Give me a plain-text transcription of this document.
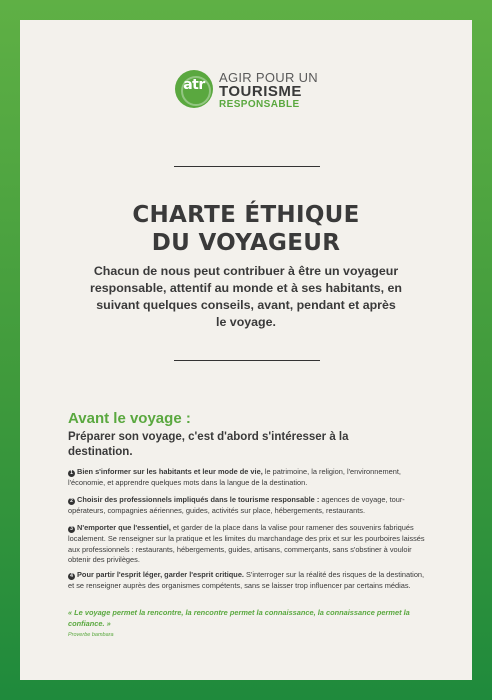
atr	AGIR POUR UN
TOURISME
RESPONSABLE
CHARTE ÉTHIQUE
DU VOYAGEUR
Chacun de nous peut contribuer à être un voyageur responsable, attentif au monde et à ses habitants, en suivant quelques conseils, avant, pendant et après le voyage.
Avant le voyage :
Préparer son voyage, c'est d'abord s'intéresser à la destination.
1 Bien s'informer sur les habitants et leur mode de vie, le patrimoine, la religion, l'environnement, l'économie, et apprendre quelques mots dans la langue de la destination.
2 Choisir des professionnels impliqués dans le tourisme responsable : agences de voyage, tour-opérateurs, compagnies aériennes, guides, activités sur place, hébergements, restaurants.
3 N'emporter que l'essentiel, et garder de la place dans la valise pour ramener des souvenirs fabriqués localement. Se renseigner sur la pratique et les limites du marchandage des prix et sur les pourboires laissés aux professionnels : restaurants, hébergements, guides, artisans, commerçants, sans s'obstiner à vouloir obtenir des privilèges.
4 Pour partir l'esprit léger, garder l'esprit critique. S'interroger sur la réalité des risques de la destination, et se renseigner auprès des organismes compétents, sans se laisser trop influencer par certains médias.
« Le voyage permet la rencontre, la rencontre permet la connaissance, la connaissance permet la confiance. »
Proverbe bambara
